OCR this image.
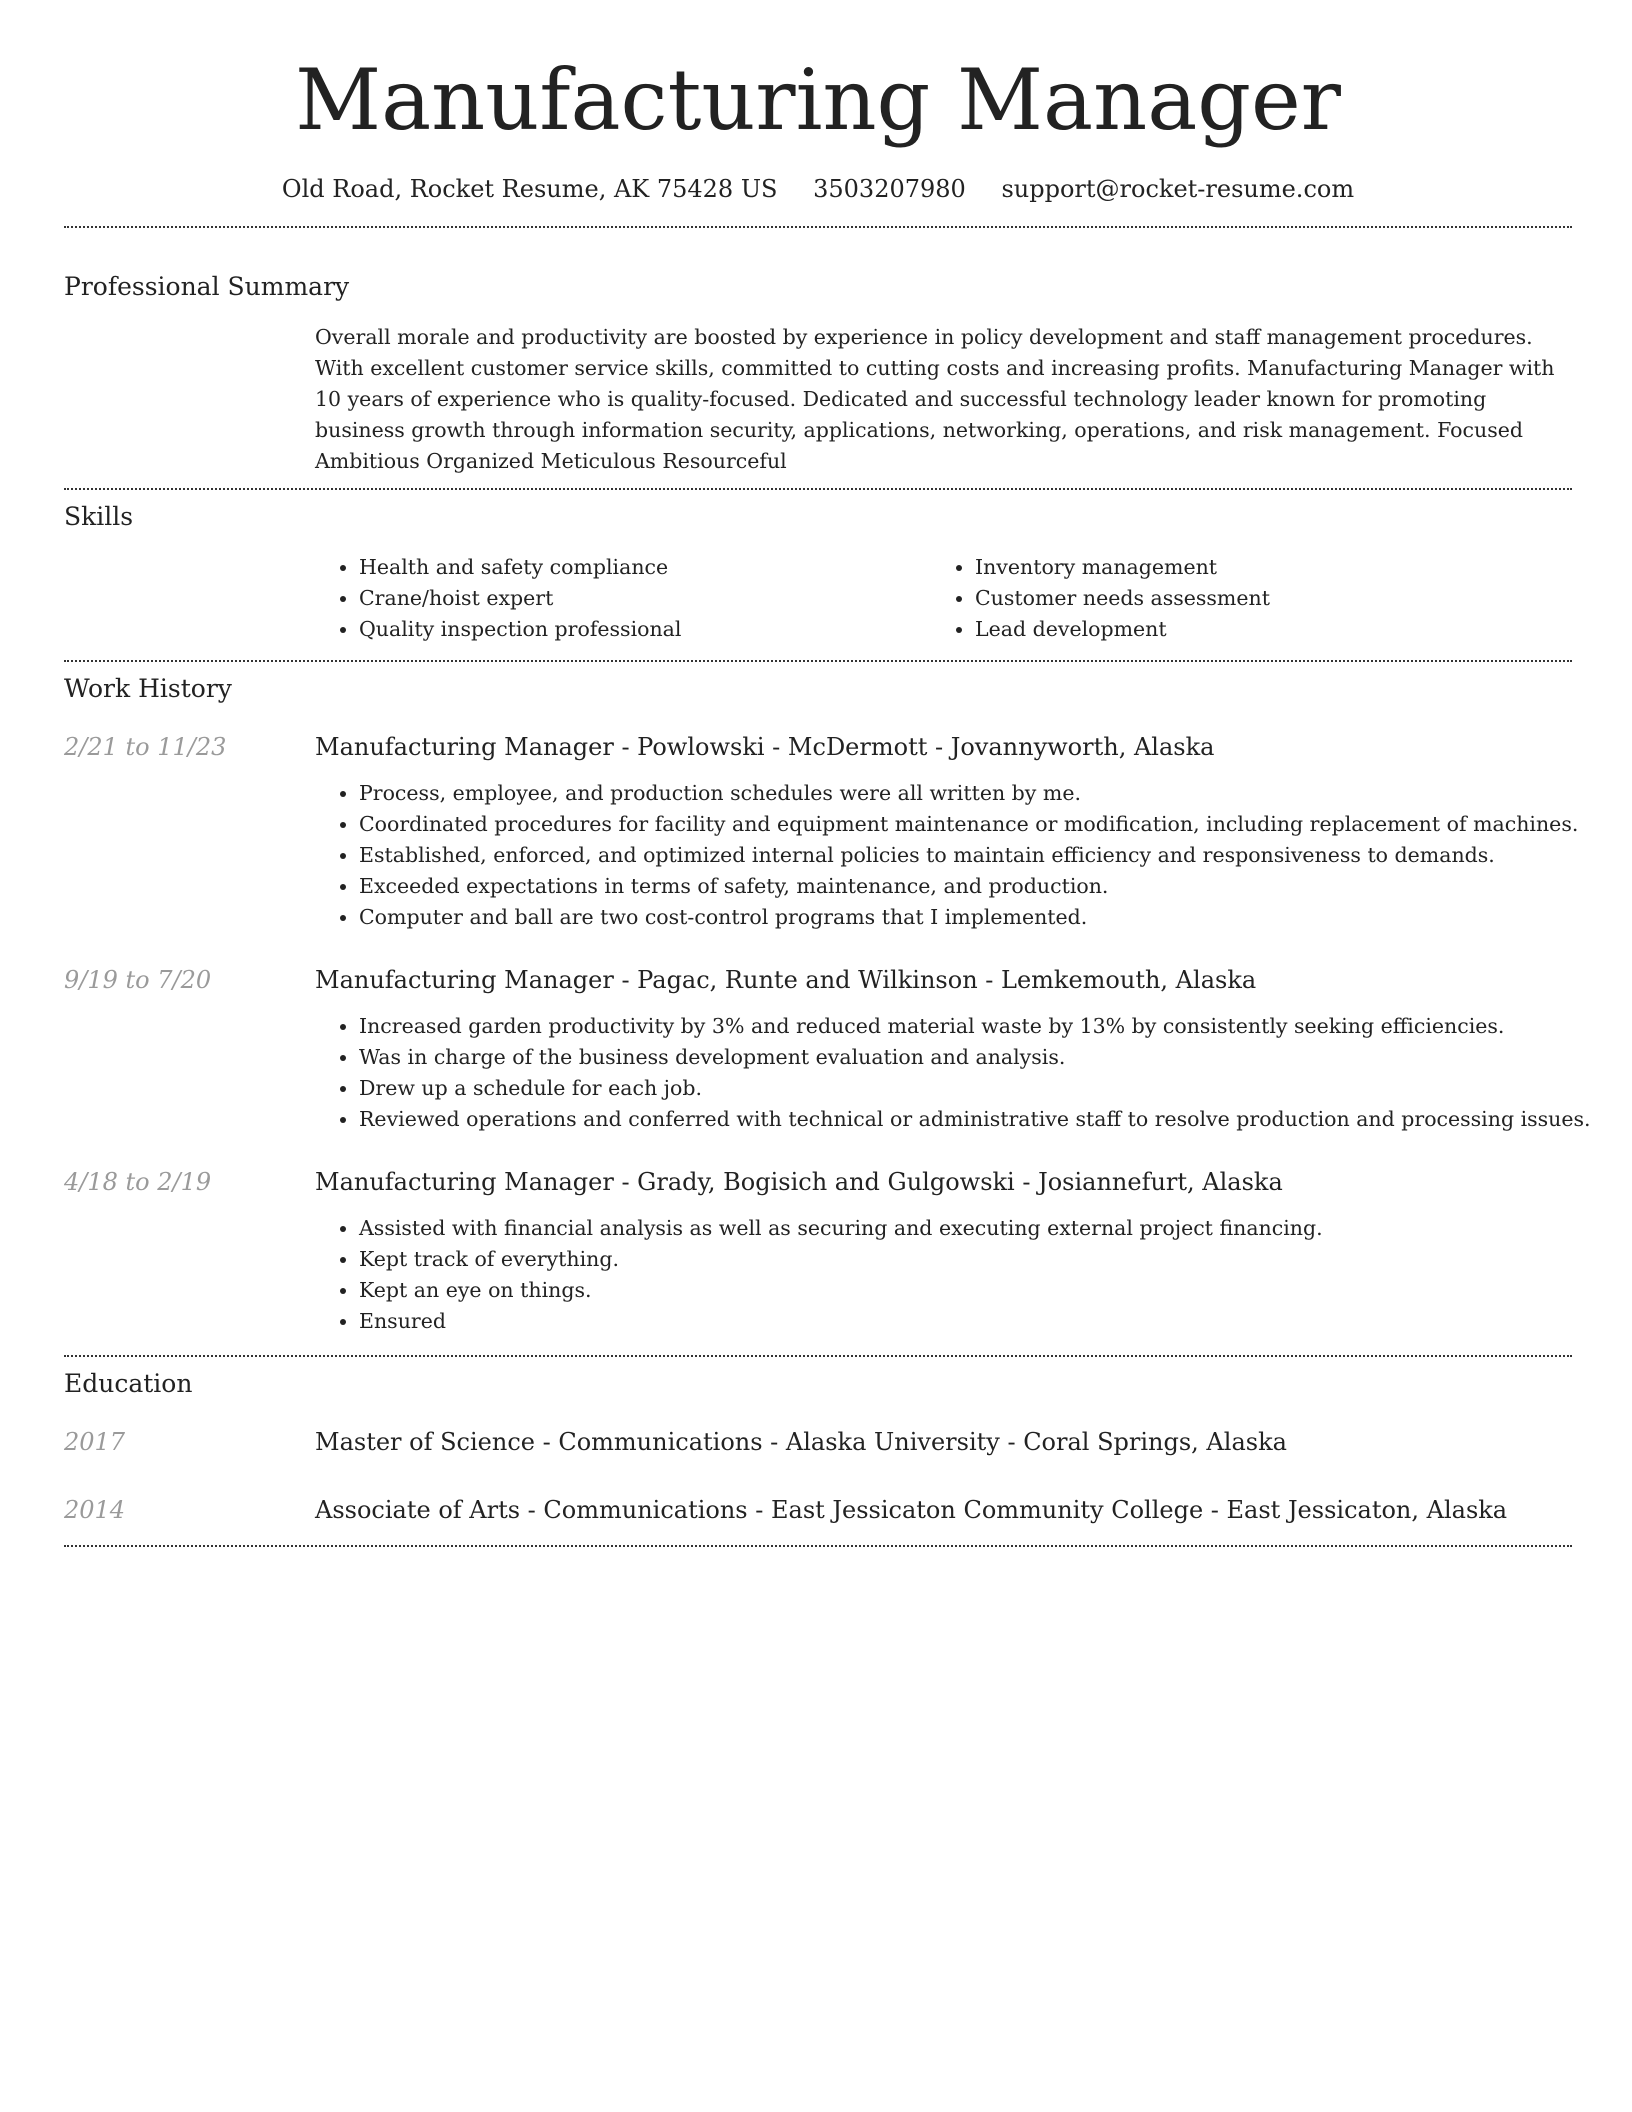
Manufacturing Manager
Old Road, Rocket Resume, AK 75428 US 3503207980 support@rocket-resume.com
Professional Summary

Overall morale and productivity are boosted by experience in policy development and staff management procedures. With excellent customer service skills, committed to cutting costs and increasing profits. Manufacturing Manager with 10 years of experience who is quality-focused. Dedicated and successful technology leader known for promoting business growth through information security, applications, networking, operations, and risk management. Focused Ambitious Organized Meticulous Resourceful

Skills
• Health and safety compliance
• Crane/hoist expert
• Quality inspection professional
• Inventory management
• Customer needs assessment
• Lead development
Work History
2/21 to 11/23	Manufacturing Manager - Powlowski - McDermott - Jovannyworth, Alaska
• Process, employee, and production schedules were all written by me.
• Coordinated procedures for facility and equipment maintenance or modification, including replacement of machines.
• Established, enforced, and optimized internal policies to maintain efficiency and responsiveness to demands.
• Exceeded expectations in terms of safety, maintenance, and production.
• Computer and ball are two cost-control programs that I implemented.
9/19 to 7/20	Manufacturing Manager - Pagac, Runte and Wilkinson - Lemkemouth, Alaska
• Increased garden productivity by 3% and reduced material waste by 13% by consistently seeking efficiencies.
• Was in charge of the business development evaluation and analysis.
• Drew up a schedule for each job.
• Reviewed operations and conferred with technical or administrative staff to resolve production and processing issues.
4/18 to 2/19	Manufacturing Manager - Grady, Bogisich and Gulgowski - Josiannefurt, Alaska
• Assisted with financial analysis as well as securing and executing external project financing.
• Kept track of everything.
• Kept an eye on things.
• Ensured
Education
2017	Master of Science - Communications - Alaska University - Coral Springs, Alaska
2014	Associate of Arts - Communications - East Jessicaton Community College - East Jessicaton, Alaska
